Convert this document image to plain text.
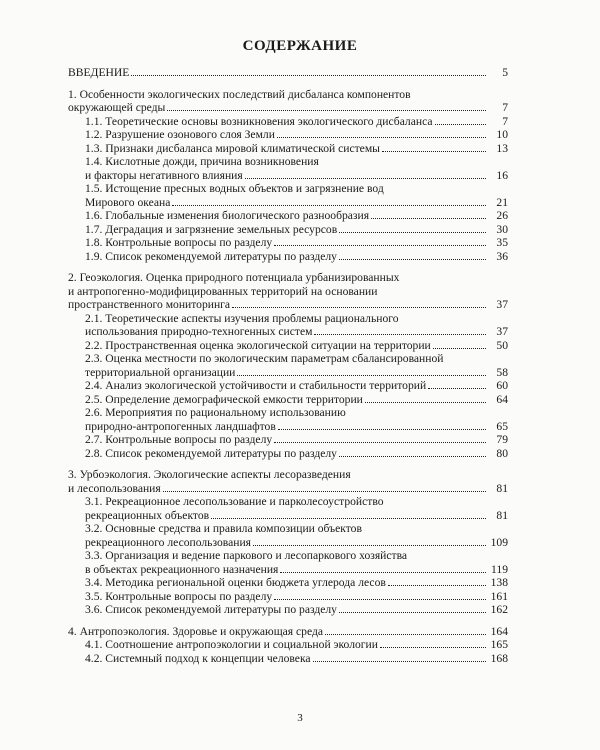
СОДЕРЖАНИЕ
ВВЕДЕНИЕ	5
1. Особенности экологических последствий дисбаланса компонентов
окружающей среды	7
1.1. Теоретические основы возникновения экологического дисбаланса	7
1.2. Разрушение озонового слоя Земли	10
1.3. Признаки дисбаланса мировой климатической системы	13
1.4. Кислотные дожди, причина возникновения
и факторы негативного влияния	16
1.5. Истощение пресных водных объектов и загрязнение вод
Мирового океана	21
1.6. Глобальные изменения биологического разнообразия	26
1.7. Деградация и загрязнение земельных ресурсов	30
1.8. Контрольные вопросы по разделу	35
1.9. Список рекомендуемой литературы по разделу	36
2. Геоэкология. Оценка природного потенциала урбанизированных
и антропогенно-модифицированных территорий на основании
пространственного мониторинга	37
2.1. Теоретические аспекты изучения проблемы рационального
использования природно-техногенных систем	37
2.2. Пространственная оценка экологической ситуации на территории	50
2.3. Оценка местности по экологическим параметрам сбалансированной
территориальной организации	58
2.4. Анализ экологической устойчивости и стабильности территорий	60
2.5. Определение демографической емкости территории	64
2.6. Мероприятия по рациональному использованию
природно-антропогенных ландшафтов	65
2.7. Контрольные вопросы по разделу	79
2.8. Список рекомендуемой литературы по разделу	80
3. Урбоэкология. Экологические аспекты лесоразведения
и лесопользования	81
3.1. Рекреационное лесопользование и парколесоустройство
рекреационных объектов	81
3.2. Основные средства и правила композиции объектов
рекреационного лесопользования	109
3.3. Организация и ведение паркового и лесопаркового хозяйства
в объектах рекреационного назначения	119
3.4. Методика региональной оценки бюджета углерода лесов	138
3.5. Контрольные вопросы по разделу	161
3.6. Список рекомендуемой литературы по разделу	162
4. Антропоэкология. Здоровье и окружающая среда	164
4.1. Соотношение антропоэкологии и социальной экологии	165
4.2. Системный подход к концепции человека	168
3
